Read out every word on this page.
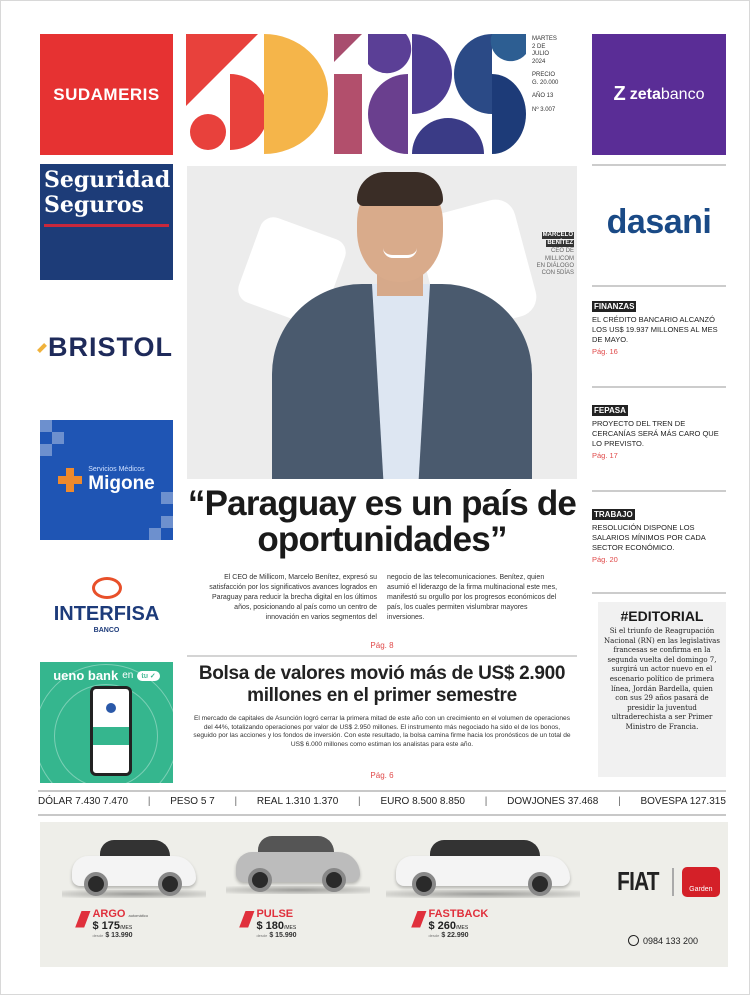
SUDAMERIS
Seguridad
Seguros
BRISTOL
Servicios Médicos
Migone
INTERFISA
BANCO
ueno bank en	tu ✓
MARTES
2 DE
JULIO
2024
PRECIO
G. 20.000
AÑO 13
Nº 3.007
Z zeta banco
dasani
FINANZAS
EL CRÉDITO BANCARIO ALCANZÓ LOS US$ 19.937 MILLONES AL MES DE MAYO.
Pág. 16
FEPASA
PROYECTO DEL TREN DE CERCANÍAS SERÁ MÁS CARO QUE LO PREVISTO.
Pág. 17
TRABAJO
RESOLUCIÓN DISPONE LOS SALARIOS MÍNIMOS POR CADA SECTOR ECONÓMICO.
Pág. 20
#EDITORIAL
Si el triunfo de Reagrupación Nacional (RN) en las legislativas francesas se confirma en la segunda vuelta del domingo 7, surgirá un actor nuevo en el escenario político de primera línea, Jordán Bardella, quien con sus 29 años pasará de presidir la juventud ultraderechista a ser Primer Ministro de Francia.
MARCELO
BENÍTEZ
CEO DE
MILLICOM
EN DIÁLOGO
CON 5DÍAS
“Paraguay es un país de oportunidades”
El CEO de Millicom, Marcelo Benítez, expresó su satisfacción por los significativos avances logrados en Paraguay para reducir la brecha digital en los últimos años, posicionando al país como un centro de innovación en varios segmentos del
negocio de las telecomunicaciones. Benítez, quien asumió el liderazgo de la firma multinacional este mes, manifestó su orgullo por los progresos económicos del país, los cuales permiten vislumbrar mayores inversiones.
Pág. 8
Bolsa de valores movió más de US$ 2.900 millones en el primer semestre
El mercado de capitales de Asunción logró cerrar la primera mitad de este año con un crecimiento en el volumen de operaciones del 44%, totalizando operaciones por valor de US$ 2.950 millones. El instrumento más negociado ha sido el de los bonos, seguido por las acciones y los fondos de inversión. Con este resultado, la bolsa camina firme hacia los pronósticos de un total de US$ 6.000 millones como estiman los analistas para este año.
Pág. 6
DÓLAR 7.430 7.470 | PESO 5 7 | REAL 1.310 1.370 | EURO 8.500 8.850 | DOWJONES 37.468 | BOVESPA 127.315
//// ARGO automático
$ 175/MES
desde $ 13.990
//// PULSE
$ 180/MES
desde $ 15.990
//// FASTBACK
$ 260/MES
desde $ 22.990
FIAT	Garden
0984 133 200
